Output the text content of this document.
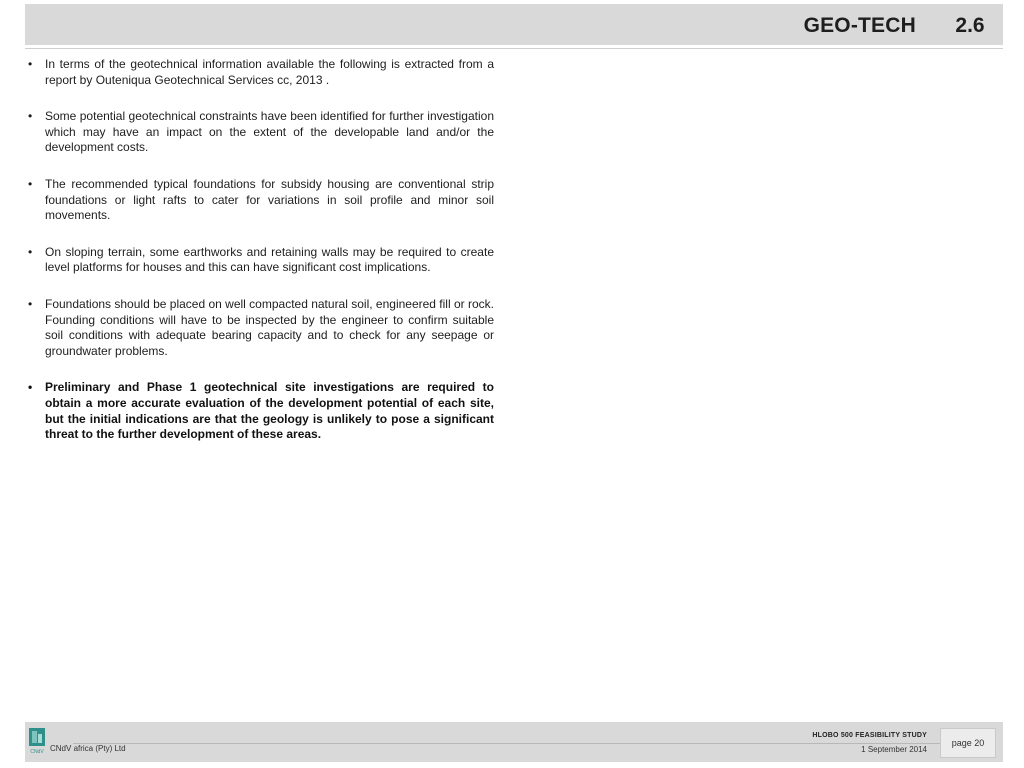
GEO-TECH	2.6

• In terms of the geotechnical information available the following is extracted from a report by Outeniqua Geotechnical Services cc, 2013 .

• Some potential geotechnical constraints have been identified for further investigation which may have an impact on the extent of the developable land and/or the development costs.

• The recommended typical foundations for subsidy housing are conventional strip foundations or light rafts to cater for variations in soil profile and minor soil movements.

• On sloping terrain, some earthworks and retaining walls may be required to create level platforms for houses and this can have significant cost implications.

• Foundations should be placed on well compacted natural soil, engineered fill or rock. Founding conditions will have to be inspected by the engineer to confirm suitable soil conditions with adequate bearing capacity and to check for any seepage or groundwater problems.

• Preliminary and Phase 1 geotechnical site investigations are required to obtain a more accurate evaluation of the development potential of each site, but the initial indications are that the geology is unlikely to pose a significant threat to the further development of these areas.

CNdV CNdV africa (Pty) Ltd
HLOBO 500 FEASIBILITY STUDY
1 September 2014
page 20
